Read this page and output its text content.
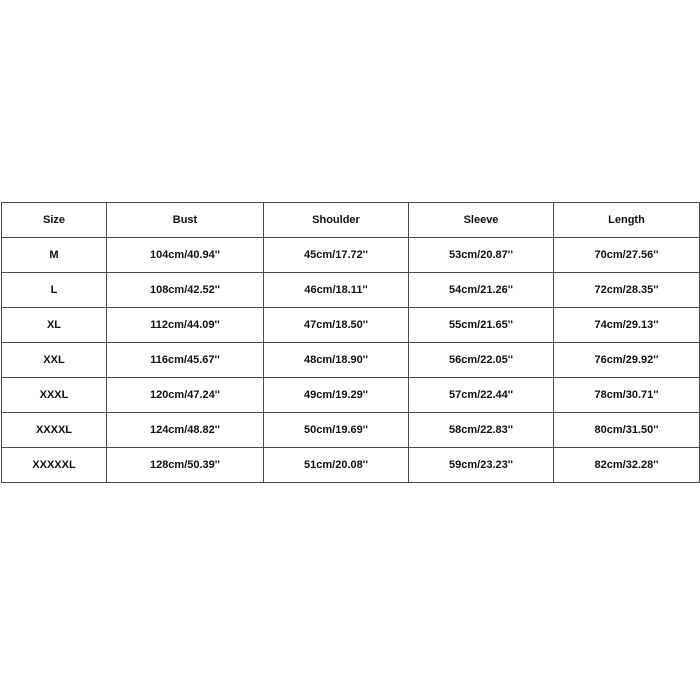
Size	Bust	Shoulder	Sleeve	Length
M	104cm/40.94''	45cm/17.72''	53cm/20.87''	70cm/27.56''
L	108cm/42.52''	46cm/18.11''	54cm/21.26''	72cm/28.35''
XL	112cm/44.09''	47cm/18.50''	55cm/21.65''	74cm/29.13''
XXL	116cm/45.67''	48cm/18.90''	56cm/22.05''	76cm/29.92''
XXXL	120cm/47.24''	49cm/19.29''	57cm/22.44''	78cm/30.71''
XXXXL	124cm/48.82''	50cm/19.69''	58cm/22.83''	80cm/31.50''
XXXXXL	128cm/50.39''	51cm/20.08''	59cm/23.23''	82cm/32.28''
